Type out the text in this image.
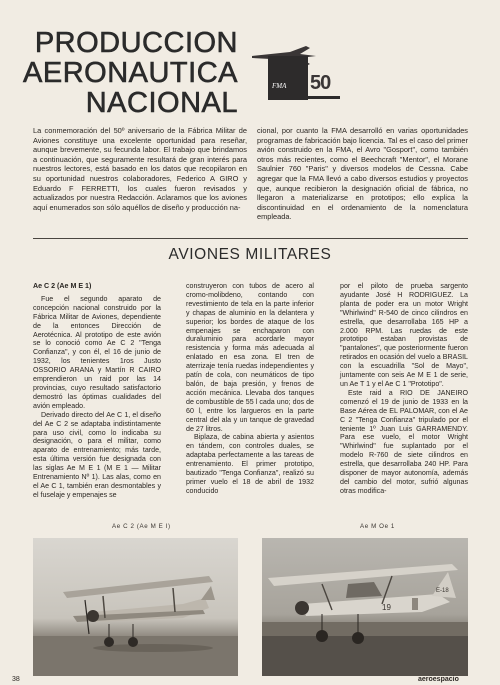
PRODUCCION
AERONAUTICA
NACIONAL
FMA 50

La conmemoración del 50º aniversario de la Fábrica Militar de Aviones constituye una excelente oportunidad para reseñar, aunque brevemente, su fecunda labor. El trabajo que brindamos a continuación, que seguramente resultará de gran interés para nuestros lectores, está basado en los datos que recopilaron en su oportunidad nuestros colaboradores, Federico A GIRO y Eduardo F FERRETTI, los cuales fueron revisados y actualizados por nuestra Redacción. Aclaramos que los aviones aquí enumerados son sólo aquéllos de diseño y producción na-

cional, por cuanto la FMA desarrolló en varias oportunidades programas de fabricación bajo licencia. Tal es el caso del primer avión construido en la FMA, el Avro "Gosport", como también otros más recientes, como el Beechcraft "Mentor", el Morane Saulnier 760 "Paris" y diversos modelos de Cessna. Cabe agregar que la FMA llevó a cabo diversos estudios y proyectos que, aunque recibieron la designación oficial de fábrica, no llegaron a materializarse en prototipos; ello explica la discontinuidad en el ordenamiento de la nomenclatura empleada.

AVIONES MILITARES

Ae C 2 (Ae M E 1)

Fue el segundo aparato de concepción nacional construido por la Fábrica Militar de Aviones, dependiente de la entonces Dirección de Aerotécnica. Al prototipo de este avión se lo conoció como Ae C 2 "Tenga Confianza", y con él, el 16 de junio de 1932, los tenientes 1ros Justo OSSORIO ARANA y Martín R CAIRO emprendieron un raid por las 14 provincias, cuyo resultado satisfactorio demostró las óptimas cualidades del avión empleado.

Derivado directo del Ae C 1, el diseño del Ae C 2 se adaptaba indistintamente para uso civil, como lo indicaba su designación, o para el militar, como aparato de entrenamiento; más tarde, esta última versión fue designada con las siglas Ae M E 1 (M E 1 — Militar Entrenamiento Nº 1). Las alas, como en el Ae C 1, también eran desmontables y el fuselaje y empenajes se

construyeron con tubos de acero al cromo-molibdeno, contando con revestimiento de tela en la parte inferior y chapas de aluminio en la delantera y superior; los bordes de ataque de los empenajes se enchaparon con duraluminio para acordarle mayor resistencia y forma más adecuada al enlatado en esa zona. El tren de aterrizaje tenía ruedas independientes y patín de cola, con neumáticos de tipo balón, de baja presión, y frenos de acción mecánica. Llevaba dos tanques de combustible de 55 l cada uno; dos de 60 l, entre los largueros en la parte central del ala y un tanque de gravedad de 27 litros.

Biplaza, de cabina abierta y asientos en tándem, con controles duales, se adaptaba perfectamente a las tareas de entrenamiento. El primer prototipo, bautizado "Tenga Confianza", realizó su primer vuelo el 18 de abril de 1932 conducido

por el piloto de prueba sargento ayudante José H RODRIGUEZ. La planta de poder era un motor Wright "Whirlwind" R-540 de cinco cilindros en estrella, que desarrollaba 165 HP a 2.000 RPM. Las ruedas de este prototipo estaban provistas de "pantalones", que posteriormente fueron retirados en ocasión del vuelo a BRASIL con la escuadrilla "Sol de Mayo", juntamente con seis Ae M E 1 de serie, un Ae T 1 y el Ae C 1 "Prototipo".

Este raid a RIO DE JANEIRO comenzó el 19 de junio de 1933 en la Base Aérea de EL PALOMAR, con el Ae C 2 "Tenga Confianza" tripulado por el teniente 1º Juan Luis GARRAMENDY. Para ese vuelo, el motor Wright "Whirlwind" fue suplantado por el modelo R-760 de siete cilindros en estrella, que desarrollaba 240 HP. Para disponer de mayor autonomía, además del cambio del motor, sufrió algunas otras modifica-

Ae C 2 (Ae M E I)	Ae M Oe 1
E-18
19
38	aeroespacio
